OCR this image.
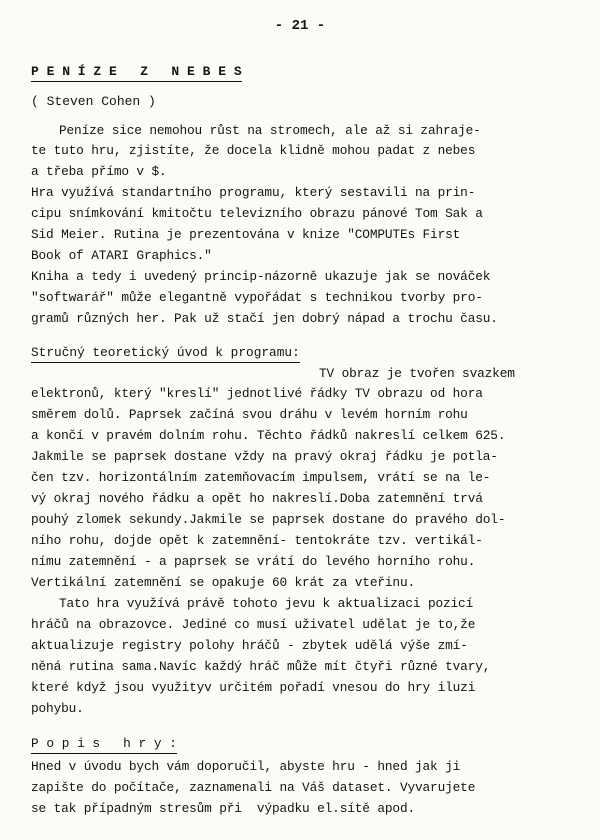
- 21 -
P E N Í Z E   Z   N E B E S
( Steven Cohen )
Peníze sice nemohou růst na stromech, ale až si zahraje-
te tuto hru, zjistíte, že docela klidně mohou padat z nebes
a třeba přímo v $.
Hra využívá standartního programu, který sestavili na prin-
cipu snímkování kmitočtu televizního obrazu pánové Tom Sak a
Sid Meier. Rutina je prezentována v knize "COMPUTEs First
Book of ATARI Graphics."
Kniha a tedy i uvedený princip-názorně ukazuje jak se nováček
"softwarář" může elegantně vypořádat s technikou tvorby pro-
gramů různých her. Pak už stačí jen dobrý nápad a trochu času.
Stručný teoretický úvod k programu:
TV obraz je tvořen svazkem
elektronů, který "kreslí" jednotlivé řádky TV obrazu od hora
směrem dolů. Paprsek začíná svou dráhu v levém horním rohu
a končí v pravém dolním rohu. Těchto řádků nakreslí celkem 625.
Jakmile se paprsek dostane vždy na pravý okraj řádku je potla-
čen tzv. horizontálním zatemňovacím impulsem, vrátí se na le-
vý okraj nového řádku a opět ho nakreslí.Doba zatemnění trvá
pouhý zlomek sekundy.Jakmile se paprsek dostane do pravého dol-
ního rohu, dojde opět k zatemnění- tentokráte tzv. vertikál-
nímu zatemnění - a paprsek se vrátí do levého horního rohu.
Vertikální zatemnění se opakuje 60 krát za vteřinu.
Tato hra využívá právě tohoto jevu k aktualizaci pozicí
hráčů na obrazovce. Jediné co musí uživatel udělat je to,že
aktualizuje registry polohy hráčů - zbytek udělá výše zmí-
něná rutina sama.Navíc každý hráč může mít čtyři různé tvary,
které když jsou využityv určitém pořadí vnesou do hry iluzi
pohybu.
P o p i s   h r y :
Hned v úvodu bych vám doporučil, abyste hru - hned jak ji
zapište do počítače, zaznamenali na Váš dataset. Vyvarujete
se tak případným stresům při  výpadku el.sítě apod.
